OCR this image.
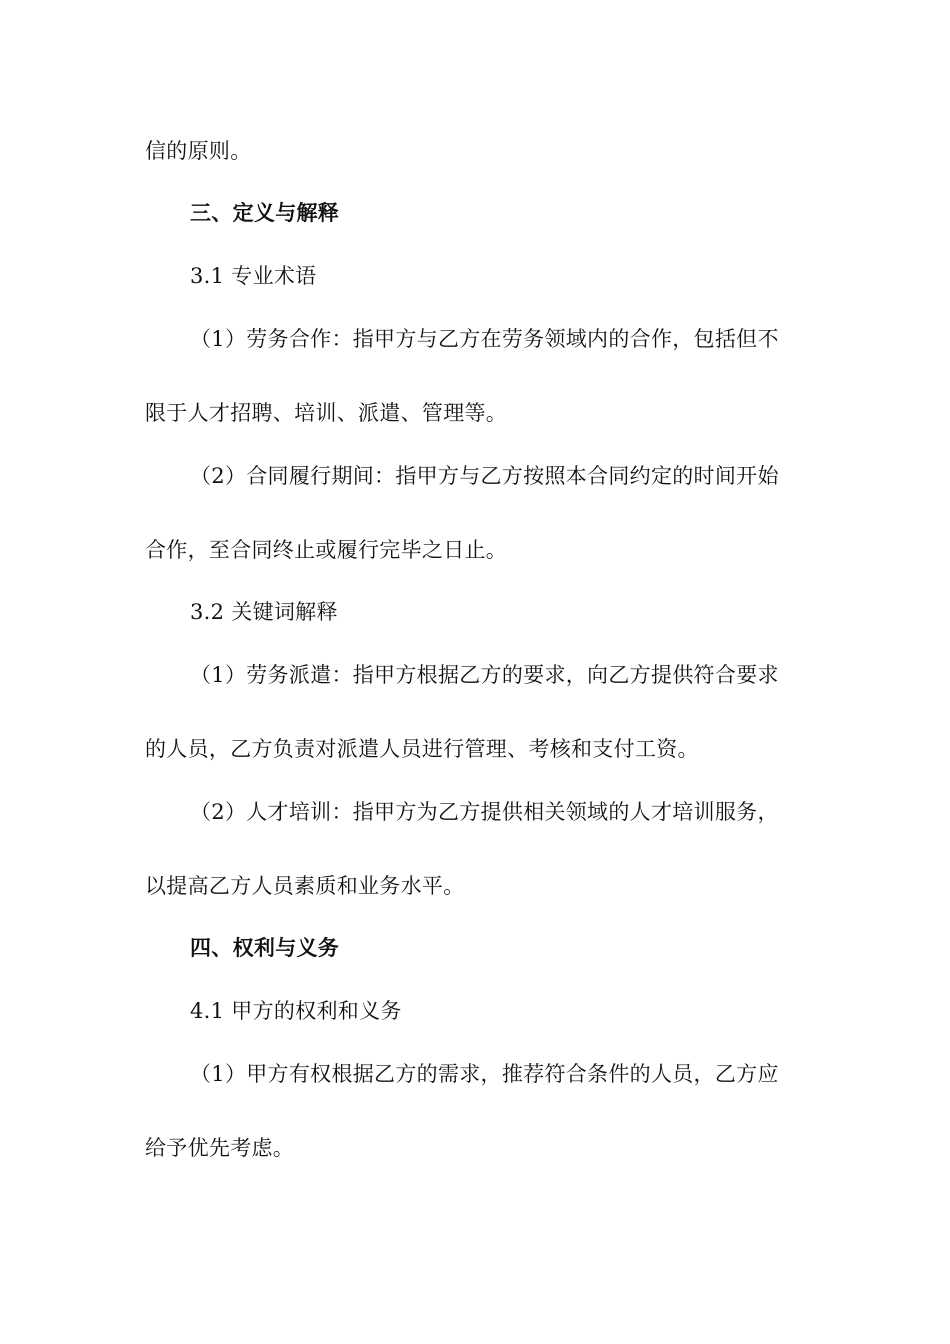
信的原则。
三、定义与解释
3.1 专业术语
（1）劳务合作：指甲方与乙方在劳务领域内的合作，包括但不
限于人才招聘、培训、派遣、管理等。
（2）合同履行期间：指甲方与乙方按照本合同约定的时间开始
合作，至合同终止或履行完毕之日止。
3.2 关键词解释
（1）劳务派遣：指甲方根据乙方的要求，向乙方提供符合要求
的人员，乙方负责对派遣人员进行管理、考核和支付工资。
（2）人才培训：指甲方为乙方提供相关领域的人才培训服务，
以提高乙方人员素质和业务水平。
四、权利与义务
4.1 甲方的权利和义务
（1）甲方有权根据乙方的需求，推荐符合条件的人员，乙方应
给予优先考虑。
